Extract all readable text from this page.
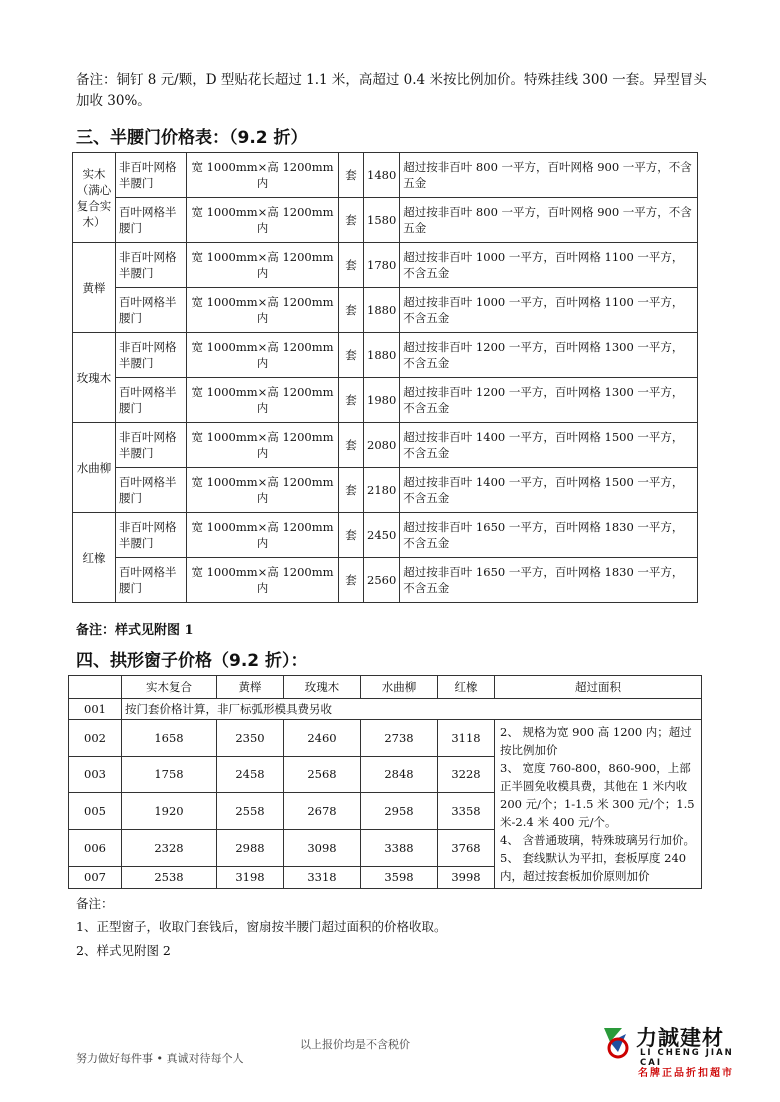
备注：铜钉 8 元/颗，D 型贴花长超过 1.1 米，高超过 0.4 米按比例加价。特殊挂线 300 一套。异型冒头加收 30%。
三、半腰门价格表：（9.2 折）
实木（满心复合实木）	非百叶网格半腰门	宽 1000mm×高 1200mm 内	套	1480	超过按非百叶 800 一平方，百叶网格 900 一平方，不含五金
	百叶网格半腰门	宽 1000mm×高 1200mm 内	套	1580	超过按非百叶 800 一平方，百叶网格 900 一平方，不含五金
黄榉	非百叶网格半腰门	宽 1000mm×高 1200mm 内	套	1780	超过按非百叶 1000 一平方，百叶网格 1100 一平方，不含五金
	百叶网格半腰门	宽 1000mm×高 1200mm 内	套	1880	超过按非百叶 1000 一平方，百叶网格 1100 一平方，不含五金
玫瑰木	非百叶网格半腰门	宽 1000mm×高 1200mm 内	套	1880	超过按非百叶 1200 一平方，百叶网格 1300 一平方，不含五金
	百叶网格半腰门	宽 1000mm×高 1200mm 内	套	1980	超过按非百叶 1200 一平方，百叶网格 1300 一平方，不含五金
水曲柳	非百叶网格半腰门	宽 1000mm×高 1200mm 内	套	2080	超过按非百叶 1400 一平方，百叶网格 1500 一平方，不含五金
	百叶网格半腰门	宽 1000mm×高 1200mm 内	套	2180	超过按非百叶 1400 一平方，百叶网格 1500 一平方，不含五金
红橡	非百叶网格半腰门	宽 1000mm×高 1200mm 内	套	2450	超过按非百叶 1650 一平方，百叶网格 1830 一平方，不含五金
	百叶网格半腰门	宽 1000mm×高 1200mm 内	套	2560	超过按非百叶 1650 一平方，百叶网格 1830 一平方，不含五金
备注：样式见附图 1
四、拱形窗子价格（9.2 折）：
	实木复合	黄榉	玫瑰木	水曲柳	红橡	超过面积
001	按门套价格计算，非厂标弧形模具费另收					
002	1658	2350	2460	2738	3118	2、 规格为宽 900 高 1200 内；超过按比例加价
3、 宽度 760-800，860-900，上部正半圆免收模具费，其他在 1 米内收 200 元/个；1-1.5 米 300 元/个；1.5 米-2.4 米 400 元/个。
4、 含普通玻璃，特殊玻璃另行加价。
5、 套线默认为平扣，套板厚度 240 内，超过按套板加价原则加价

003	1758	2458	2568	2848	3228	
005	1920	2558	2678	2958	3358	
006	2328	2988	3098	3388	3768	
007	2538	3198	3318	3598	3998	
备注：
1、正型窗子，收取门套钱后，窗扇按半腰门超过面积的价格收取。
2、样式见附图 2
以上报价均是不含税价
努力做好每件事 • 真诚对待每个人
力誠建材
LI CHENG JIAN CAI
名牌正品折扣超市
